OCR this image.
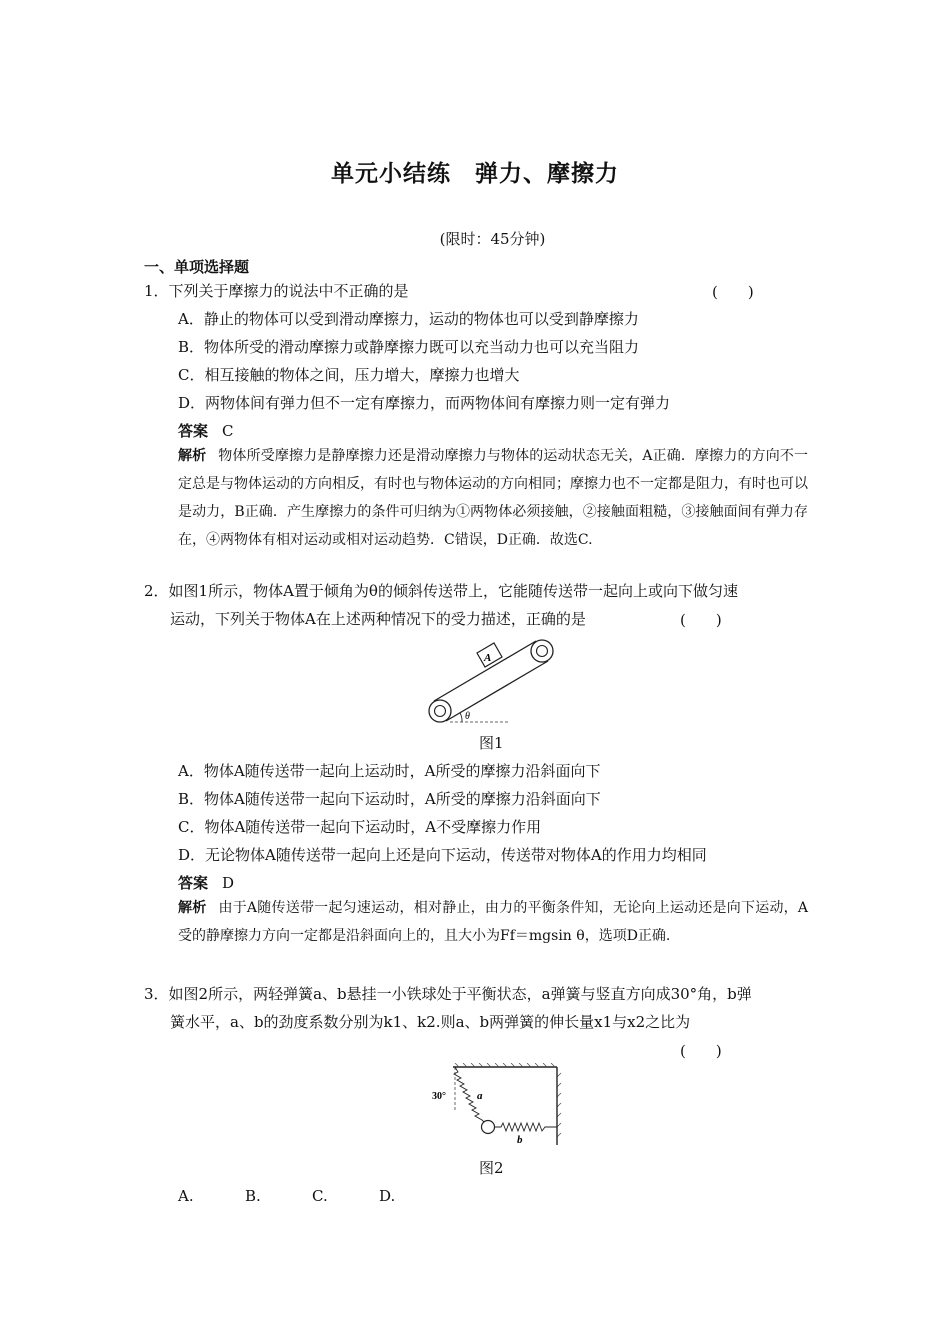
单元小结练　弹力、摩擦力
(限时：45分钟)
一、单项选择题
1．下列关于摩擦力的说法中不正确的是	(　　)
A．静止的物体可以受到滑动摩擦力，运动的物体也可以受到静摩擦力
B．物体所受的滑动摩擦力或静摩擦力既可以充当动力也可以充当阻力
C．相互接触的物体之间，压力增大，摩擦力也增大
D．两物体间有弹力但不一定有摩擦力，而两物体间有摩擦力则一定有弹力
答案 C
解析 物体所受摩擦力是静摩擦力还是滑动摩擦力与物体的运动状态无关，A正确．摩擦力的方向不一定总是与物体运动的方向相反，有时也与物体运动的方向相同；摩擦力也不一定都是阻力，有时也可以是动力，B正确．产生摩擦力的条件可归纳为①两物体必须接触，②接触面粗糙，③接触面间有弹力存在，④两物体有相对运动或相对运动趋势．C错误，D正确．故选C.
2．如图1所示，物体A置于倾角为θ的倾斜传送带上，它能随传送带一起向上或向下做匀速
运动，下列关于物体A在上述两种情况下的受力描述，正确的是	(　　)
A
θ
图1
A．物体A随传送带一起向上运动时，A所受的摩擦力沿斜面向下
B．物体A随传送带一起向下运动时，A所受的摩擦力沿斜面向下
C．物体A随传送带一起向下运动时，A不受摩擦力作用
D．无论物体A随传送带一起向上还是向下运动，传送带对物体A的作用力均相同
答案 D
解析 由于A随传送带一起匀速运动，相对静止，由力的平衡条件知，无论向上运动还是向下运动，A受的静摩擦力方向一定都是沿斜面向上的，且大小为Ff＝mgsin θ，选项D正确.
3．如图2所示，两轻弹簧a、b悬挂一小铁球处于平衡状态，a弹簧与竖直方向成30°角，b弹
簧水平，a、b的劲度系数分别为k1、k2.则a、b两弹簧的伸长量x1与x2之比为
(　　)
30°	a
b
图2
A.	B.	C.	D.
